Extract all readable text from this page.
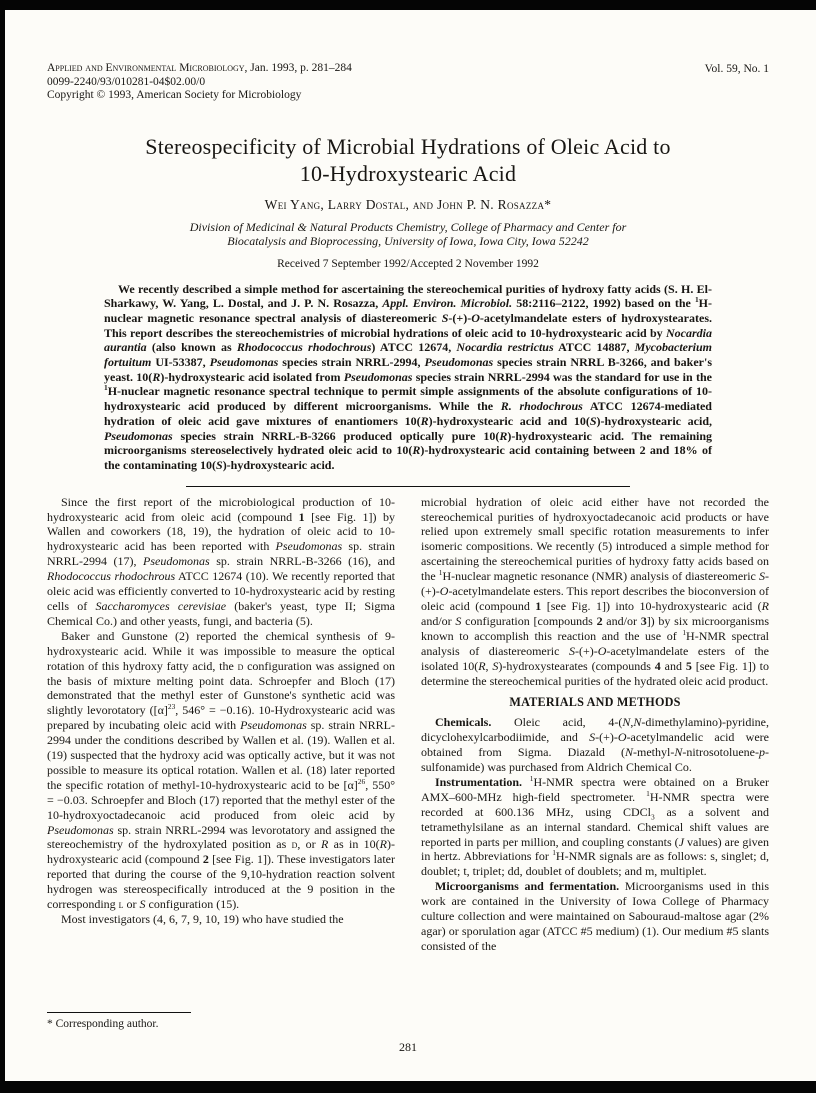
Applied and Environmental Microbiology, Jan. 1993, p. 281–284
0099-2240/93/010281-04$02.00/0
Copyright © 1993, American Society for Microbiology
Vol. 59, No. 1
Stereospecificity of Microbial Hydrations of Oleic Acid to
10-Hydroxystearic Acid
Wei Yang, Larry Dostal, and John P. N. Rosazza*
Division of Medicinal & Natural Products Chemistry, College of Pharmacy and Center for
Biocatalysis and Bioprocessing, University of Iowa, Iowa City, Iowa 52242
Received 7 September 1992/Accepted 2 November 1992
We recently described a simple method for ascertaining the stereochemical purities of hydroxy fatty acids (S. H. El-Sharkawy, W. Yang, L. Dostal, and J. P. N. Rosazza, Appl. Environ. Microbiol. 58:2116–2122, 1992) based on the $^1$H-nuclear magnetic resonance spectral analysis of diastereomeric S-(+)-O-acetylmandelate esters of hydroxystearates. This report describes the stereochemistries of microbial hydrations of oleic acid to 10-hydroxystearic acid by Nocardia aurantia (also known as Rhodococcus rhodochrous) ATCC 12674, Nocardia restrictus ATCC 14887, Mycobacterium fortuitum UI-53387, Pseudomonas species strain NRRL-2994, Pseudomonas species strain NRRL B-3266, and baker's yeast. 10(R)-hydroxystearic acid isolated from Pseudomonas species strain NRRL-2994 was the standard for use in the $^1$H-nuclear magnetic resonance spectral technique to permit simple assignments of the absolute configurations of 10-hydroxystearic acid produced by different microorganisms. While the R. rhodochrous ATCC 12674-mediated hydration of oleic acid gave mixtures of enantiomers 10(R)-hydroxystearic acid and 10(S)-hydroxystearic acid, Pseudomonas species strain NRRL-B-3266 produced optically pure 10(R)-hydroxystearic acid. The remaining microorganisms stereoselectively hydrated oleic acid to 10(R)-hydroxystearic acid containing between 2 and 18% of the contaminating 10(S)-hydroxystearic acid.

Since the first report of the microbiological production of 10-hydroxystearic acid from oleic acid (compound 1 [see Fig. 1]) by Wallen and coworkers (18, 19), the hydration of oleic acid to 10-hydroxystearic acid has been reported with Pseudomonas sp. strain NRRL-2994 (17), Pseudomonas sp. strain NRRL-B-3266 (16), and Rhodococcus rhodochrous ATCC 12674 (10). We recently reported that oleic acid was efficiently converted to 10-hydroxystearic acid by resting cells of Saccharomyces cerevisiae (baker's yeast, type II; Sigma Chemical Co.) and other yeasts, fungi, and bacteria (5).

Baker and Gunstone (2) reported the chemical synthesis of 9-hydroxystearic acid. While it was impossible to measure the optical rotation of this hydroxy fatty acid, the d configuration was assigned on the basis of mixture melting point data. Schroepfer and Bloch (17) demonstrated that the methyl ester of Gunstone's synthetic acid was slightly levorotatory ($[\alpha]^{23}$, 546° = −0.16). 10-Hydroxystearic acid was prepared by incubating oleic acid with Pseudomonas sp. strain NRRL-2994 under the conditions described by Wallen et al. (19). Wallen et al. (19) suspected that the hydroxy acid was optically active, but it was not possible to measure its optical rotation. Wallen et al. (18) later reported the specific rotation of methyl-10-hydroxystearic acid to be $[\alpha]^{26}$, 550° = −0.03. Schroepfer and Bloch (17) reported that the methyl ester of the 10-hydroxyoctadecanoic acid produced from oleic acid by Pseudomonas sp. strain NRRL-2994 was levorotatory and assigned the stereochemistry of the hydroxylated position as d, or R as in 10(R)-hydroxystearic acid (compound 2 [see Fig. 1]). These investigators later reported that during the course of the 9,10-hydration reaction solvent hydrogen was stereospecifically introduced at the 9 position in the corresponding l or S configuration (15).

Most investigators (4, 6, 7, 9, 10, 19) who have studied the

microbial hydration of oleic acid either have not recorded the stereochemical purities of hydroxyoctadecanoic acid products or have relied upon extremely small specific rotation measurements to infer isomeric compositions. We recently (5) introduced a simple method for ascertaining the stereochemical purities of hydroxy fatty acids based on the $^1$H-nuclear magnetic resonance (NMR) analysis of diastereomeric S-(+)-O-acetylmandelate esters. This report describes the bioconversion of oleic acid (compound 1 [see Fig. 1]) into 10-hydroxystearic acid (R and/or S configuration [compounds 2 and/or 3]) by six microorganisms known to accomplish this reaction and the use of $^1$H-NMR spectral analysis of diastereomeric S-(+)-O-acetylmandelate esters of the isolated 10(R, S)-hydroxystearates (compounds 4 and 5 [see Fig. 1]) to determine the stereochemical purities of the hydrated oleic acid product.

MATERIALS AND METHODS

Chemicals. Oleic acid, 4-(N,N-dimethylamino)-pyridine, dicyclohexylcarbodiimide, and S-(+)-O-acetylmandelic acid were obtained from Sigma. Diazald (N-methyl-N-nitrosotoluene-p-sulfonamide) was purchased from Aldrich Chemical Co.

Instrumentation. $^1$H-NMR spectra were obtained on a Bruker AMX–600-MHz high-field spectrometer. $^1$H-NMR spectra were recorded at 600.136 MHz, using CDCl$_3$ as a solvent and tetramethylsilane as an internal standard. Chemical shift values are reported in parts per million, and coupling constants (J values) are given in hertz. Abbreviations for $^1$H-NMR signals are as follows: s, singlet; d, doublet; t, triplet; dd, doublet of doublets; and m, multiplet.

Microorganisms and fermentation. Microorganisms used in this work are contained in the University of Iowa College of Pharmacy culture collection and were maintained on Sabouraud-maltose agar (2% agar) or sporulation agar (ATCC #5 medium) (1). Our medium #5 slants consisted of the

* Corresponding author.
281
